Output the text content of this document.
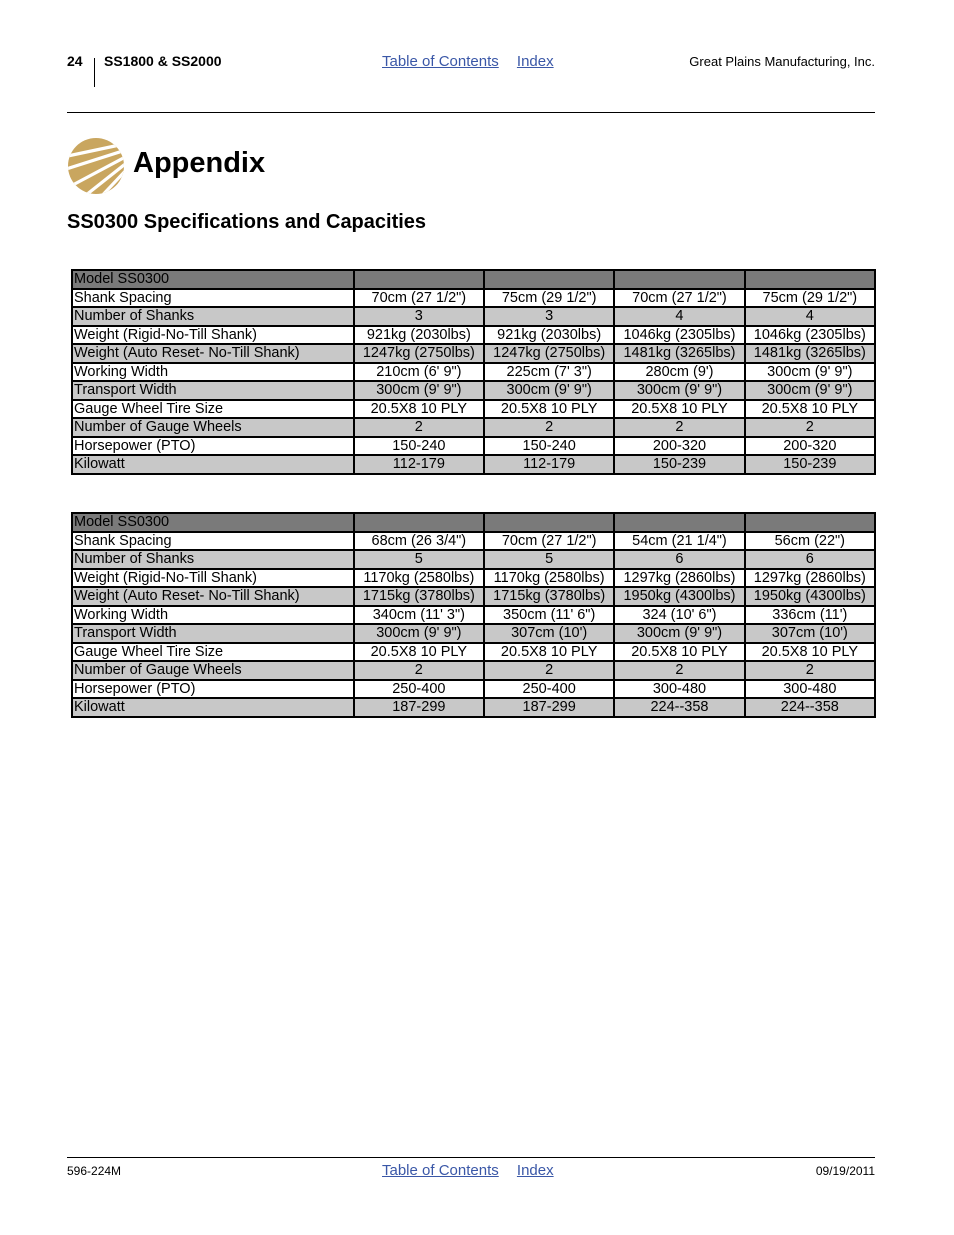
24 SS1800 & SS2000	Table of Contents Index	Great Plains Manufacturing, Inc.
Appendix
SS0300 Specifications and Capacities
Model SS0300				
Shank Spacing	70cm (27 1/2")	75cm (29 1/2")	70cm (27 1/2")	75cm (29 1/2")
Number of Shanks	3	3	4	4
Weight (Rigid-No-Till Shank)	921kg (2030lbs)	921kg (2030lbs)	1046kg (2305lbs)	1046kg (2305lbs)
Weight (Auto Reset- No-Till Shank)	1247kg (2750lbs)	1247kg (2750lbs)	1481kg (3265lbs)	1481kg (3265lbs)
Working Width	210cm (6' 9")	225cm (7' 3")	280cm (9')	300cm (9' 9")
Transport Width	300cm (9' 9")	300cm (9' 9")	300cm (9' 9")	300cm (9' 9")
Gauge Wheel Tire Size	20.5X8 10 PLY	20.5X8 10 PLY	20.5X8 10 PLY	20.5X8 10 PLY
Number of Gauge Wheels	2	2	2	2
Horsepower (PTO)	150-240	150-240	200-320	200-320
Kilowatt	112-179	112-179	150-239	150-239
Model SS0300				
Shank Spacing	68cm (26 3/4")	70cm (27 1/2")	54cm (21 1/4")	56cm (22")
Number of Shanks	5	5	6	6
Weight (Rigid-No-Till Shank)	1170kg (2580lbs)	1170kg (2580lbs)	1297kg (2860lbs)	1297kg (2860lbs)
Weight (Auto Reset- No-Till Shank)	1715kg (3780lbs)	1715kg (3780lbs)	1950kg (4300lbs)	1950kg (4300lbs)
Working Width	340cm (11' 3")	350cm (11' 6")	324 (10' 6")	336cm (11')
Transport Width	300cm (9' 9")	307cm (10')	300cm (9' 9")	307cm (10')
Gauge Wheel Tire Size	20.5X8 10 PLY	20.5X8 10 PLY	20.5X8 10 PLY	20.5X8 10 PLY
Number of Gauge Wheels	2	2	2	2
Horsepower (PTO)	250-400	250-400	300-480	300-480
Kilowatt	187-299	187-299	224--358	224--358
596-224M	Table of Contents Index	09/19/2011
